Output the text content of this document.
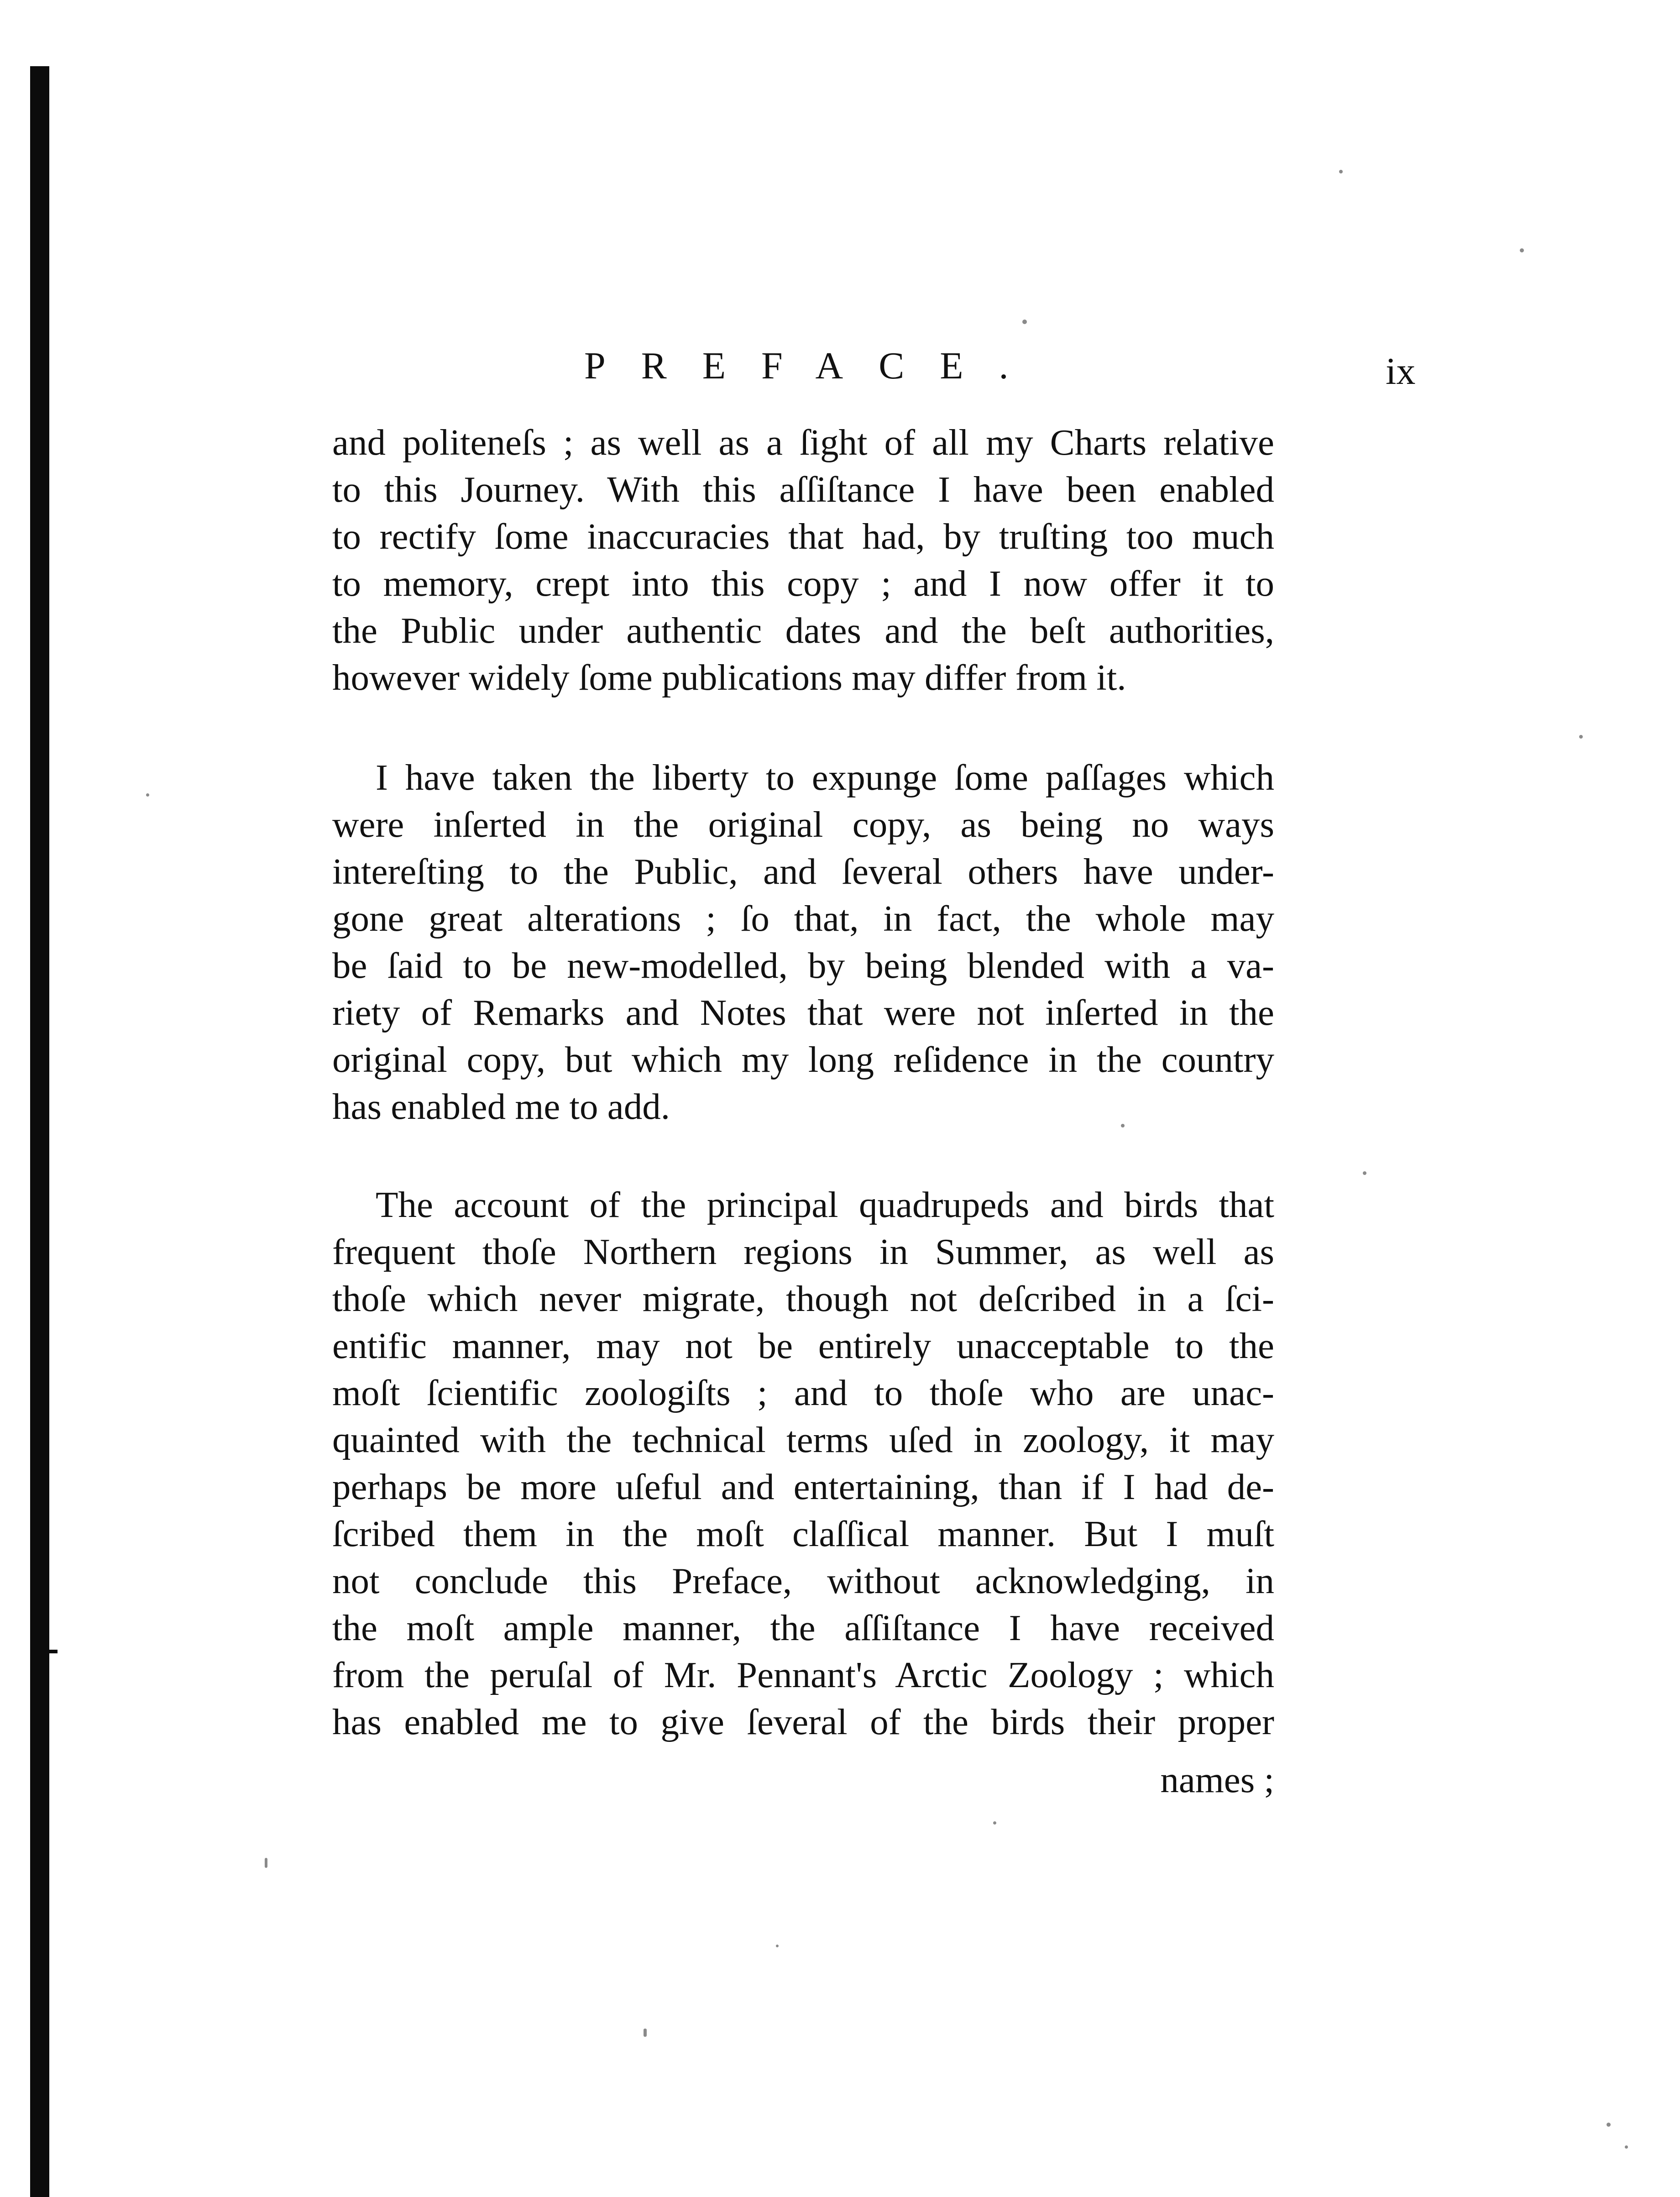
PREFACE.	ix
and politeneſs ; as well as a ſight of all my Charts relative
to this Journey. With this aſſiſtance I have been enabled
to rectify ſome inaccuracies that had, by truſting too much
to memory, crept into this copy ; and I now offer it to
the Public under authentic dates and the beſt authorities,
however widely ſome publications may differ from it.
I have taken the liberty to expunge ſome paſſages which
were inſerted in the original copy, as being no ways
intereſting to the Public, and ſeveral others have under-
gone great alterations ; ſo that, in fact, the whole may
be ſaid to be new-modelled, by being blended with a va-
riety of Remarks and Notes that were not inſerted in the
original copy, but which my long reſidence in the country
has enabled me to add.
The account of the principal quadrupeds and birds that
frequent thoſe Northern regions in Summer, as well as
thoſe which never migrate, though not deſcribed in a ſci-
entific manner, may not be entirely unacceptable to the
moſt ſcientific zoologiſts ; and to thoſe who are unac-
quainted with the technical terms uſed in zoology, it may
perhaps be more uſeful and entertaining, than if I had de-
ſcribed them in the moſt claſſical manner. But I muſt
not conclude this Preface, without acknowledging, in
the moſt ample manner, the aſſiſtance I have received
from the peruſal of Mr. Pennant's Arctic Zoology ; which
has enabled me to give ſeveral of the birds their proper
names ;
